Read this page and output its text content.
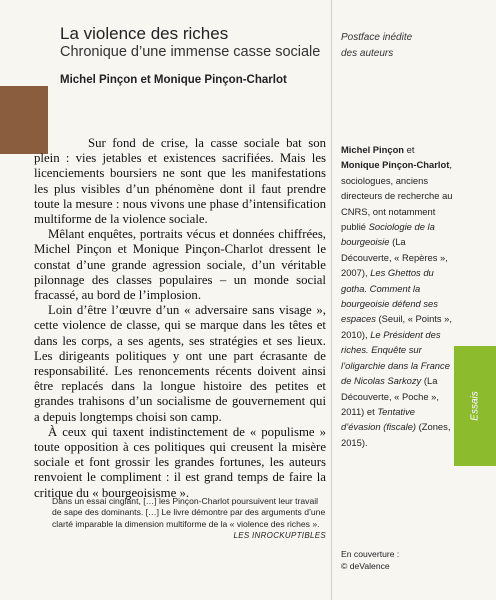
La violence des riches
Chronique d’une immense casse sociale
Michel Pinçon et Monique Pinçon-Charlot
Postface inédite
des auteurs

Sur fond de crise, la casse sociale bat son plein : vies jetables et existences sacrifiées. Mais les licenciements boursiers ne sont que les manifestations les plus visibles d’un phénomène dont il faut prendre toute la mesure : nous vivons une phase d’intensification multiforme de la violence sociale.

Mêlant enquêtes, portraits vécus et données chiffrées, Michel Pinçon et Monique Pinçon-Charlot dressent le constat d’une grande agression sociale, d’un véritable pilonnage des classes populaires – un monde social fracassé, au bord de l’implosion.

Loin d’être l’œuvre d’un « adversaire sans visage », cette violence de classe, qui se marque dans les têtes et dans les corps, a ses agents, ses stratégies et ses lieux. Les dirigeants politiques y ont une part écrasante de responsabilité. Les renoncements récents doivent ainsi être replacés dans la longue histoire des petites et grandes trahisons d’un socialisme de gouvernement qui a depuis longtemps choisi son camp.

À ceux qui taxent indistinctement de « populisme » toute opposition à ces politiques qui creusent la misère sociale et font grossir les grandes fortunes, les auteurs renvoient le compliment : il est grand temps de faire la critique du « bourgeoisisme ».

Dans un essai cinglant, […] les Pinçon-Charlot poursuivent leur travail de sape des dominants. […] Le livre démontre par des arguments d’une clarté imparable la dimension multiforme de la « violence des riches ».
LES INROCKUPTIBLES
Michel Pinçon et Monique Pinçon-Charlot, sociologues, anciens directeurs de recherche au CNRS, ont notamment publié Sociologie de la bourgeoisie (La Découverte, « Repères », 2007), Les Ghettos du gotha. Comment la bourgeoisie défend ses espaces (Seuil, « Points », 2010), Le Président des riches. Enquête sur l’oligarchie dans la France de Nicolas Sarkozy (La Découverte, « Poche », 2011) et Tentative d’évasion (fiscale) (Zones, 2015).
Essais
En couverture :
© deValence
